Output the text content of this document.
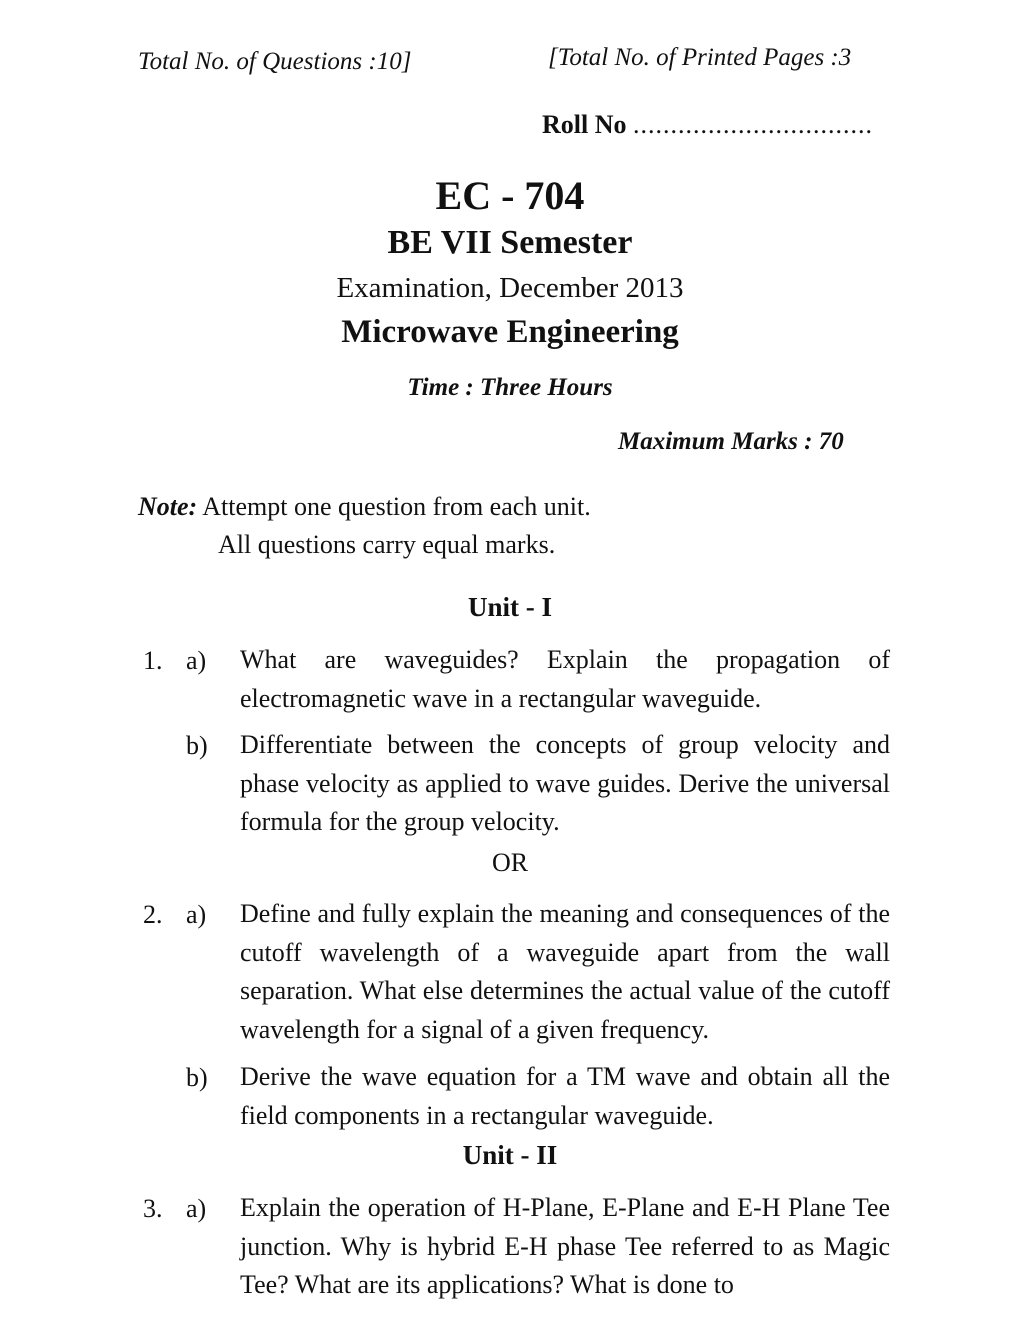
Total No. of Questions :10]	[Total No. of Printed Pages :3
Roll No ................................
EC - 704
BE VII Semester
Examination, December 2013
Microwave Engineering
Time : Three Hours
Maximum Marks : 70
Note: Attempt one question from each unit.
All questions carry equal marks.
Unit - I
1. a) What are waveguides? Explain the propagation of electromagnetic wave in a rectangular waveguide.
b) Differentiate between the concepts of group velocity and phase velocity as applied to wave guides. Derive the universal formula for the group velocity.
OR
2. a) Define and fully explain the meaning and consequences of the cutoff wavelength of a waveguide apart from the wall separation. What else determines the actual value of the cutoff wavelength for a signal of a given frequency.
b) Derive the wave equation for a TM wave and obtain all the field components in a rectangular waveguide.
Unit - II
3. a) Explain the operation of H-Plane, E-Plane and E-H Plane Tee junction. Why is hybrid E-H phase Tee referred to as Magic Tee? What are its applications? What is done to
